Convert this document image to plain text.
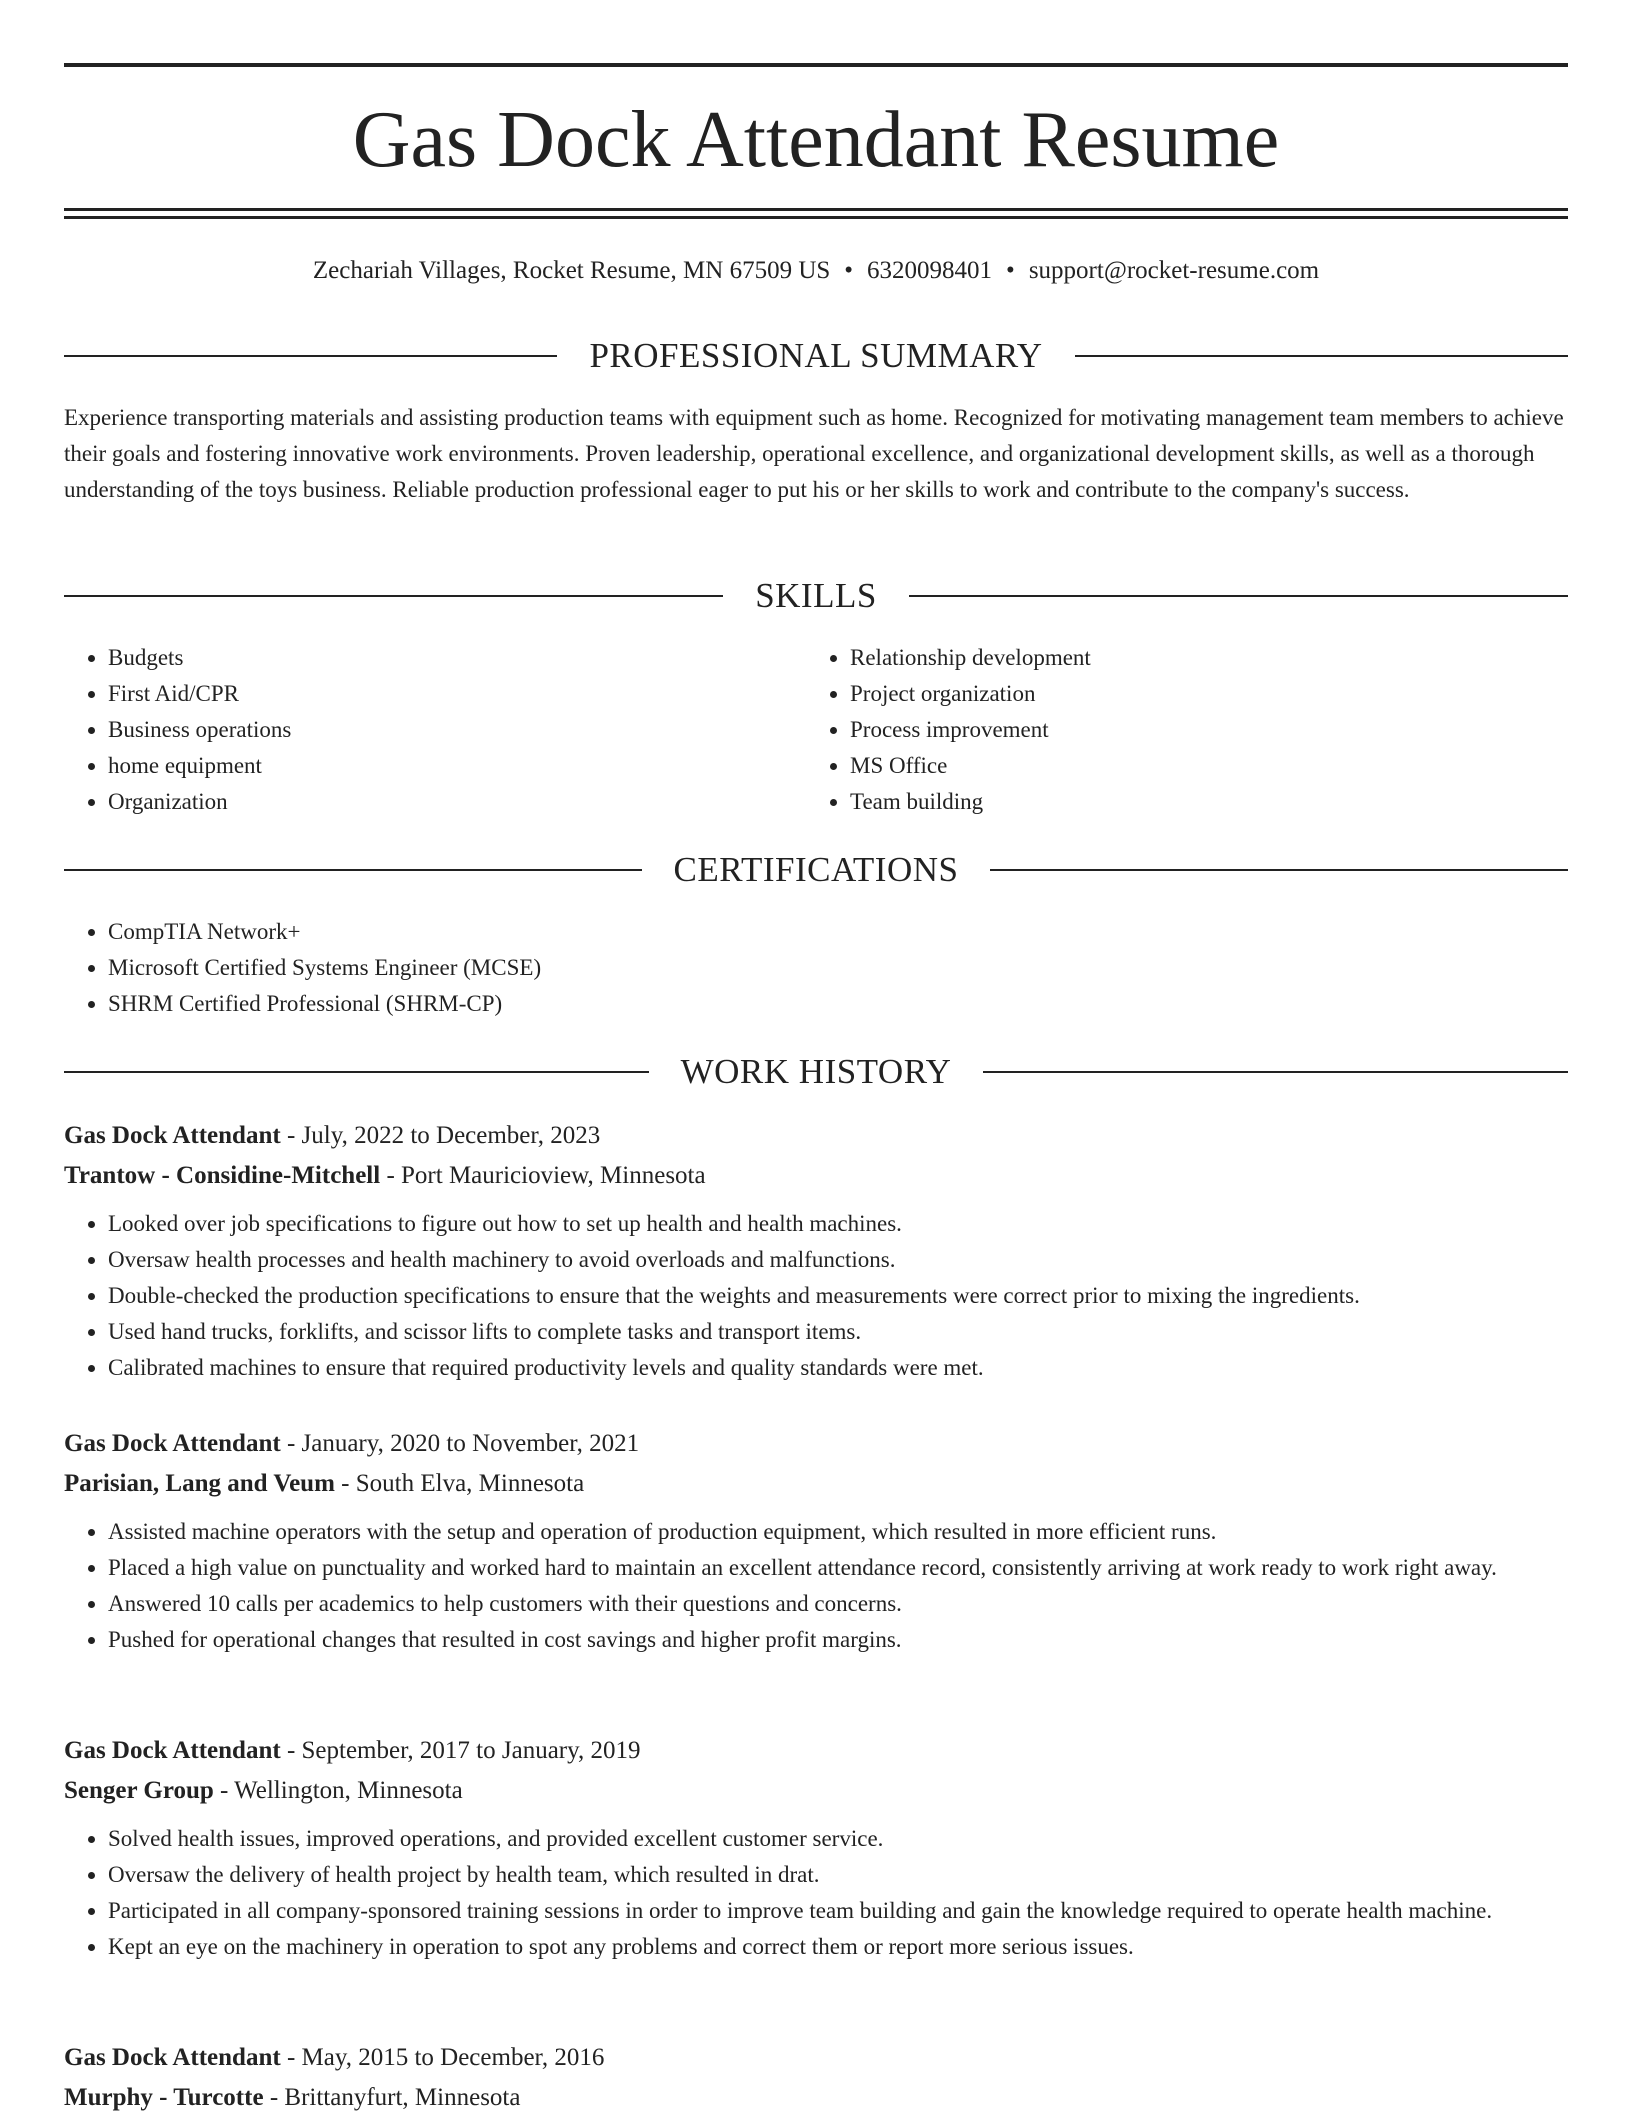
Gas Dock Attendant Resume
Zechariah Villages, Rocket Resume, MN 67509 US • 6320098401 • support@rocket-resume.com
PROFESSIONAL SUMMARY

Experience transporting materials and assisting production teams with equipment such as home. Recognized for motivating management team members to achieve their goals and fostering innovative work environments. Proven leadership, operational excellence, and organizational development skills, as well as a thorough understanding of the toys business. Reliable production professional eager to put his or her skills to work and contribute to the company's success.

SKILLS
• Budgets
• First Aid/CPR
• Business operations
• home equipment
• Organization
• Relationship development
• Project organization
• Process improvement
• MS Office
• Team building
CERTIFICATIONS
• CompTIA Network+
• Microsoft Certified Systems Engineer (MCSE)
• SHRM Certified Professional (SHRM-CP)
WORK HISTORY
Gas Dock Attendant - July, 2022 to December, 2023
Trantow - Considine-Mitchell - Port Mauricioview, Minnesota
• Looked over job specifications to figure out how to set up health and health machines.
• Oversaw health processes and health machinery to avoid overloads and malfunctions.
• Double-checked the production specifications to ensure that the weights and measurements were correct prior to mixing the ingredients.
• Used hand trucks, forklifts, and scissor lifts to complete tasks and transport items.
• Calibrated machines to ensure that required productivity levels and quality standards were met.
Gas Dock Attendant - January, 2020 to November, 2021
Parisian, Lang and Veum - South Elva, Minnesota
• Assisted machine operators with the setup and operation of production equipment, which resulted in more efficient runs.
• Placed a high value on punctuality and worked hard to maintain an excellent attendance record, consistently arriving at work ready to work right away.
• Answered 10 calls per academics to help customers with their questions and concerns.
• Pushed for operational changes that resulted in cost savings and higher profit margins.
Gas Dock Attendant - September, 2017 to January, 2019
Senger Group - Wellington, Minnesota
• Solved health issues, improved operations, and provided excellent customer service.
• Oversaw the delivery of health project by health team, which resulted in drat.
• Participated in all company-sponsored training sessions in order to improve team building and gain the knowledge required to operate health machine.
• Kept an eye on the machinery in operation to spot any problems and correct them or report more serious issues.
Gas Dock Attendant - May, 2015 to December, 2016
Murphy - Turcotte - Brittanyfurt, Minnesota
